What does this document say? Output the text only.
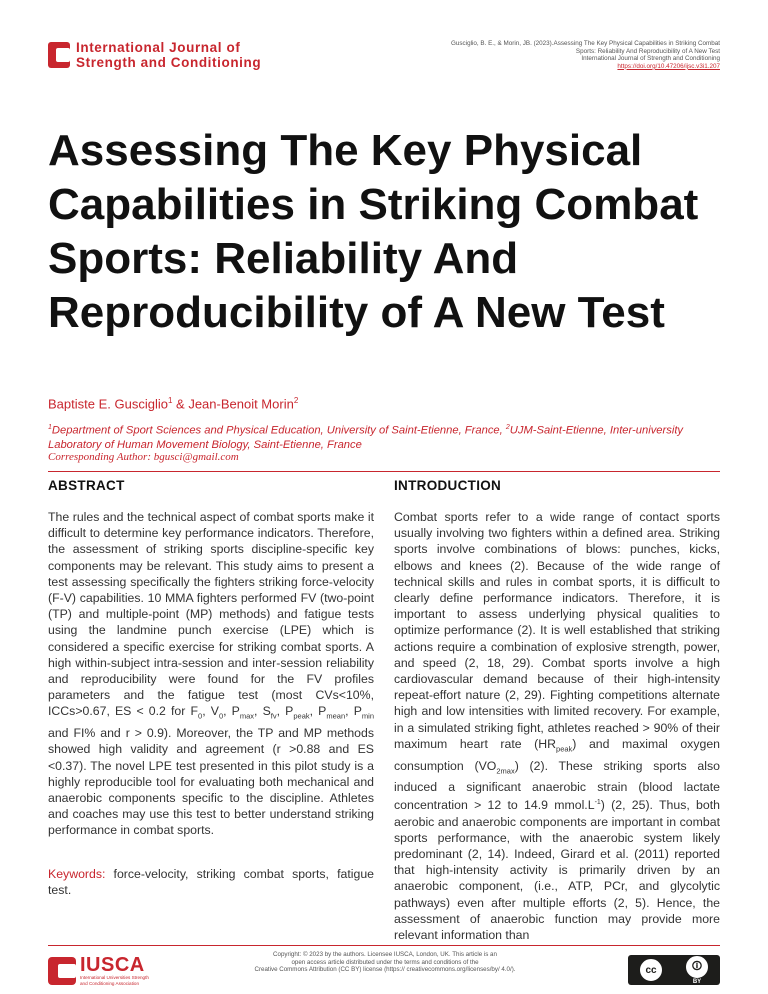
International Journal of
Strength and Conditioning
Gusciglio, B. E., & Morin, JB. (2023).Assessing The Key Physical Capabilities in Striking Combat
Sports: Reliability And Reproducibility of A New Test
International Journal of Strength and Conditioning
https://doi.org/10.47206/ijsc.v3i1.207
Assessing The Key Physical Capabilities in Striking Combat Sports: Reliability And Reproducibility of A New Test
Baptiste E. Gusciglio$^1$ & Jean-Benoit Morin$^2$
$^1$Department of Sport Sciences and Physical Education, University of Saint-Etienne, France, $^2$UJM-Saint-Etienne, Inter-university Laboratory of Human Movement Biology, Saint-Etienne, France
Corresponding Author: bgusci@gmail.com
ABSTRACT

The rules and the technical aspect of combat sports make it difficult to determine key performance indicators. Therefore, the assessment of striking sports discipline-specific key components may be relevant. This study aims to present a test assessing specifically the fighters striking force-velocity (F-V) capabilities. 10 MMA fighters performed FV (two-point (TP) and multiple-point (MP) methods) and fatigue tests using the landmine punch exercise (LPE) which is considered a specific exercise for striking combat sports. A high within-subject intra-session and inter-session reliability and reproducibility were found for the FV profiles parameters and the fatigue test (most CVs<10%, ICCs>0.67, ES < 0.2 for $F_0$, $V_0$, $P_{max}$, $S_{fv}$, $P_{peak}$, $P_{mean}$, $P_{min}$ and FI% and r > 0.9). Moreover, the TP and MP methods showed high validity and agreement (r >0.88 and ES <0.37). The novel LPE test presented in this pilot study is a highly reproducible tool for evaluating both mechanical and anaerobic components specific to the discipline. Athletes and coaches may use this test to better understand striking performance in combat sports.

Keywords: force-velocity, striking combat sports, fatigue test.

INTRODUCTION

Combat sports refer to a wide range of contact sports usually involving two fighters within a defined area. Striking sports involve combinations of blows: punches, kicks, elbows and knees (2). Because of the wide range of technical skills and rules in combat sports, it is difficult to clearly define performance indicators. Therefore, it is important to assess underlying physical qualities to optimize performance (2). It is well established that striking actions require a combination of explosive strength, power, and speed (2, 18, 29). Combat sports involve a high cardiovascular demand because of their high-intensity repeat-effort nature (2, 29). Fighting competitions alternate high and low intensities with limited recovery. For example, in a simulated striking fight, athletes reached > 90% of their maximum heart rate $(HR_{peak})$ and maximal oxygen consumption $(VO_{2max})$ (2). These striking sports also induced a significant anaerobic strain (blood lactate concentration > 12 to 14.9 $mmol.L^{-1}$) (2, 25). Thus, both aerobic and anaerobic components are important in combat sports performance, with the anaerobic system likely predominant (2, 14). Indeed, Girard et al. (2011) reported that high-intensity activity is primarily driven by an anaerobic component, (i.e., ATP, PCr, and glycolytic pathways) even after multiple efforts (2, 5). Hence, the assessment of anaerobic function may provide more relevant information than

IUSCA
International Universities Strength
and Conditioning Association
Copyright: © 2023 by the authors. Licensee IUSCA, London, UK. This article is an
open access article distributed under the terms and conditions of the
Creative Commons Attribution (CC BY) license (https:// creativecommons.org/licenses/by/ 4.0/).	cc	🛈
BY
